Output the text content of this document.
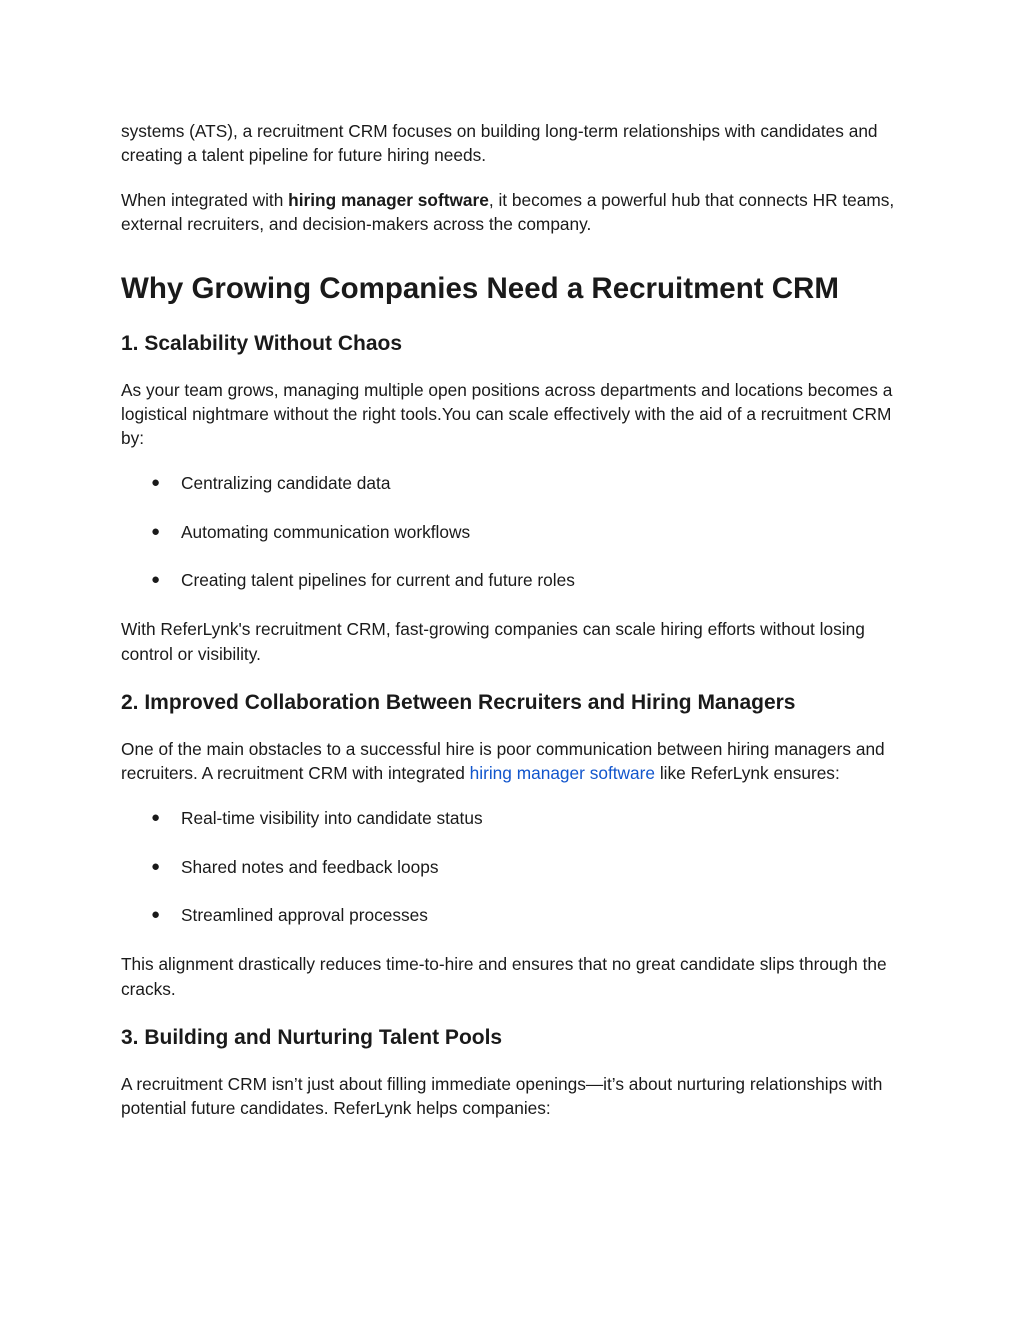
systems (ATS), a recruitment CRM focuses on building long-term relationships with candidates and creating a talent pipeline for future hiring needs.

When integrated with hiring manager software, it becomes a powerful hub that connects HR teams, external recruiters, and decision-makers across the company.

Why Growing Companies Need a Recruitment CRM
1. Scalability Without Chaos

As your team grows, managing multiple open positions across departments and locations becomes a logistical nightmare without the right tools.You can scale effectively with the aid of a recruitment CRM by:

● Centralizing candidate data
● Automating communication workflows
● Creating talent pipelines for current and future roles

With ReferLynk's recruitment CRM, fast-growing companies can scale hiring efforts without losing control or visibility.

2. Improved Collaboration Between Recruiters and Hiring Managers

One of the main obstacles to a successful hire is poor communication between hiring managers and recruiters. A recruitment CRM with integrated hiring manager software like ReferLynk ensures:

● Real-time visibility into candidate status
● Shared notes and feedback loops
● Streamlined approval processes

This alignment drastically reduces time-to-hire and ensures that no great candidate slips through the cracks.

3. Building and Nurturing Talent Pools

A recruitment CRM isn’t just about filling immediate openings—it’s about nurturing relationships with potential future candidates. ReferLynk helps companies:
